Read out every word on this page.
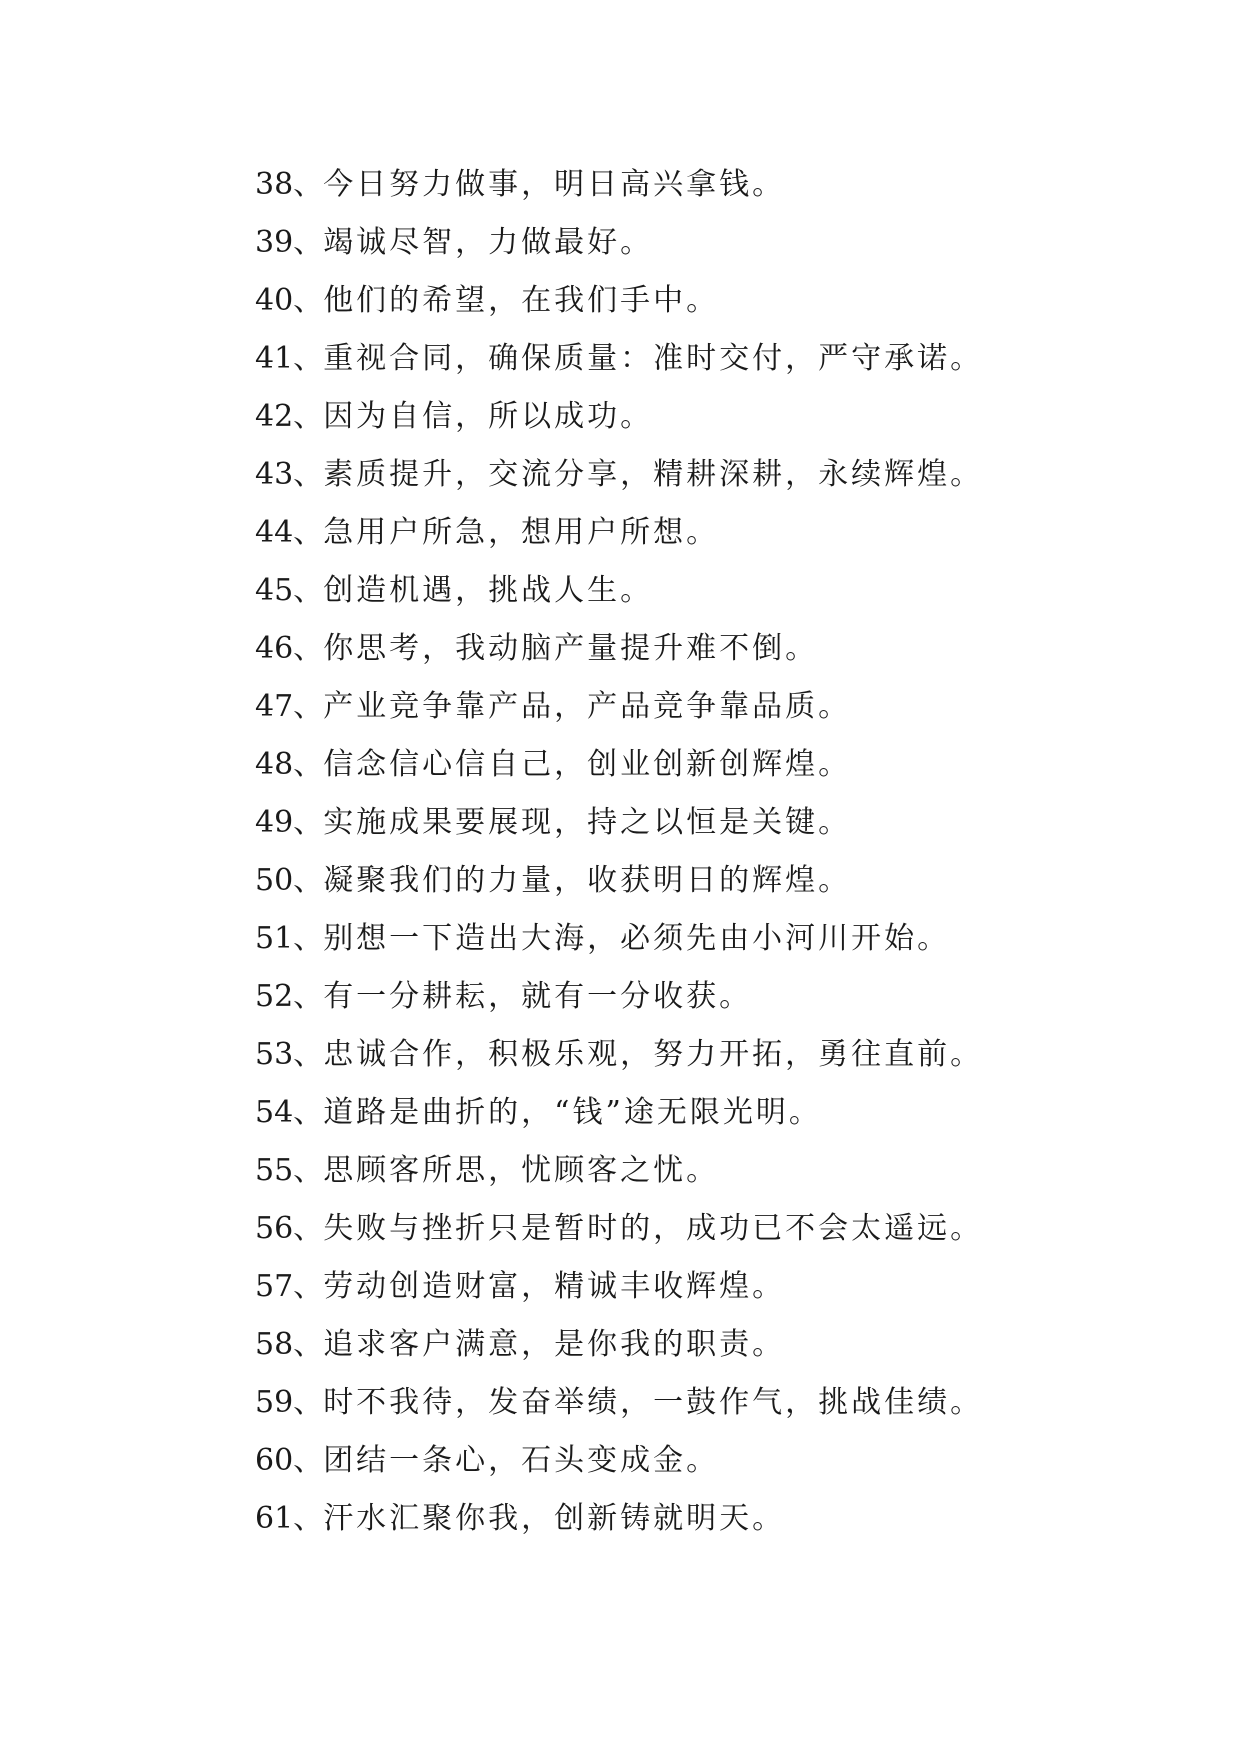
38、今日努力做事，明日高兴拿钱。
39、竭诚尽智，力做最好。
40、他们的希望，在我们手中。
41、重视合同，确保质量：准时交付，严守承诺。
42、因为自信，所以成功。
43、素质提升，交流分享，精耕深耕，永续辉煌。
44、急用户所急，想用户所想。
45、创造机遇，挑战人生。
46、你思考，我动脑产量提升难不倒。
47、产业竞争靠产品，产品竞争靠品质。
48、信念信心信自己，创业创新创辉煌。
49、实施成果要展现，持之以恒是关键。
50、凝聚我们的力量，收获明日的辉煌。
51、别想一下造出大海，必须先由小河川开始。
52、有一分耕耘，就有一分收获。
53、忠诚合作，积极乐观，努力开拓，勇往直前。
54、道路是曲折的，“钱”途无限光明。
55、思顾客所思，忧顾客之忧。
56、失败与挫折只是暂时的，成功已不会太遥远。
57、劳动创造财富，精诚丰收辉煌。
58、追求客户满意，是你我的职责。
59、时不我待，发奋举绩，一鼓作气，挑战佳绩。
60、团结一条心，石头变成金。
61、汗水汇聚你我，创新铸就明天。
